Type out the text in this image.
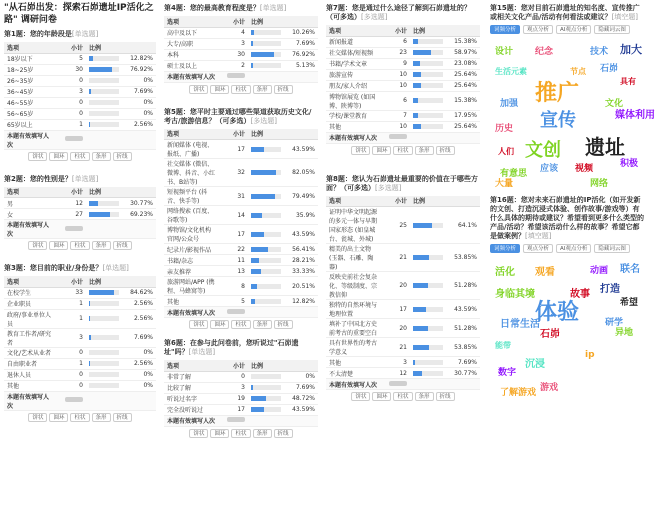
"从石峁出发：探索石峁遗址IP活化之路" 调研问卷
第1题：您的年龄段是[单选题]
选项	小计	比例
18岁以下	5	12.82%

18~25岁	30	76.92%

26~35岁	0	0%

36~45岁	3	7.69%

46~55岁	0	0%

56~65岁	0	0%

65岁以上	1	2.56%

本题有效填写人次		
饼状	圆环	柱状	条形	折线
第2题：您的性别是？[单选题]
选项	小计	比例
男	12	30.77%

女	27	69.23%

本题有效填写人次		
饼状	圆环	柱状	条形	折线
第3题：您目前的职业/身份是？[单选题]
选项	小计	比例
在校学生	33	84.62%

企业职员	1	2.56%

政府/事业单位人员	1	2.56%

教育工作者/研究者	3	7.69%

文化/艺术从业者	0	0%

自由职业者	1	2.56%

退休人员	0	0%

其他	0	0%

本题有效填写人次		
饼状	圆环	柱状	条形	折线
第4题：您的最高教育程度是？[单选题]
选项	小计	比例
高中及以下	4	10.26%

大专/高职	3	7.69%

本科	30	76.92%

硕士及以上	2	5.13%

本题有效填写人次		
饼状	圆环	柱状	条形	折线
第5题：您平时主要通过哪些渠道获取历史文化/考古/旅游信息？（可多选）[多选题]
选项	小计	比例
新闻媒体 (电视、报纸、广播)	17	43.59%

社交媒体 (微信、微博、抖音、小红书、B站等)	32	82.05%

短视频平台 (抖音、快手等)	31	79.49%

网络搜索 (百度、谷歌等)	14	35.9%

博物馆/文化机构官网/公众号	17	43.59%

纪录片/影视作品	22	56.41%

书籍/杂志	11	28.21%

亲友推荐	13	33.33%

旅游网站/APP (携程、马蜂窝等)	8	20.51%

其他	5	12.82%

本题有效填写人次		
饼状	圆环	柱状	条形	折线
第6题：在参与此问卷前，您听说过"石峁遗址"吗？[单选题]
选项	小计	比例
非常了解	0	0%

比较了解	3	7.69%

听说过名字	19	48.72%

完全没听说过	17	43.59%

本题有效填写人次		
饼状	圆环	柱状	条形	折线
第7题：您是通过什么途径了解到石峁遗址的？（可多选）[多选题]
选项	小计	比例
新闻报道	6	15.38%

社交媒体/短视频	23	58.97%

书籍/学术文章	9	23.08%

旅游宣传	10	25.64%

朋友/家人介绍	10	25.64%

博物馆展览 (如国博、陕博等)	6	15.38%

学校/课堂教育	7	17.95%

其他	10	25.64%

本题有效填写人次		
饼状	圆环	柱状	条形	折线
第8题：您认为石峁遗址最重要的价值在于哪些方面？（可多选）[多选题]
选项	小计	比例
证明中华文明起源的多元一体与早期国家形态 (如皇城台、瓮城、外城)	25	64.1%

精美的出土文物 (玉器、石雕、陶器)	21	53.85%

反映史前社会复杂化、等级制度、宗教信仰	20	51.28%

独特的自然环境与地理位置	17	43.59%

填补了中国北方史前考古的重要空白	20	51.28%

具有世界性的考古学意义	21	53.85%

其他	3	7.69%

不太清楚	12	30.77%

本题有效填写人次		
饼状	圆环	柱状	条形	折线
第15题：您对目前石峁遗址的知名度、宣传推广或相关文化产品/活动有何看法或建议？[填空题]
词频分析	观点分析	AI观点分析	隐藏词云图
推广
宣传
文创 遗址
设计 纪念	技术 加大
生活元素	节点 石峁
具有
加强
历史
文化
媒体利用
人们
有意思 应该 视频
大量	网络
积极
第16题：您对未来石峁遗址的IP活化（如开发新的文创、打造沉浸式体验、创作故事/游戏等）有什么具体的期待或建议？希望看到更多什么类型的产品/活动？希望该活动什么样的故事？希望它都是做案例？[填空题]
词频分析	观点分析	AI观点分析	隐藏词云图
体验
石峁
沉浸
ip
活化 观看	动画 联名
身临其境	故事 打造
希望
日常生活
能带
研学
异地
数字
了解游戏 游戏
